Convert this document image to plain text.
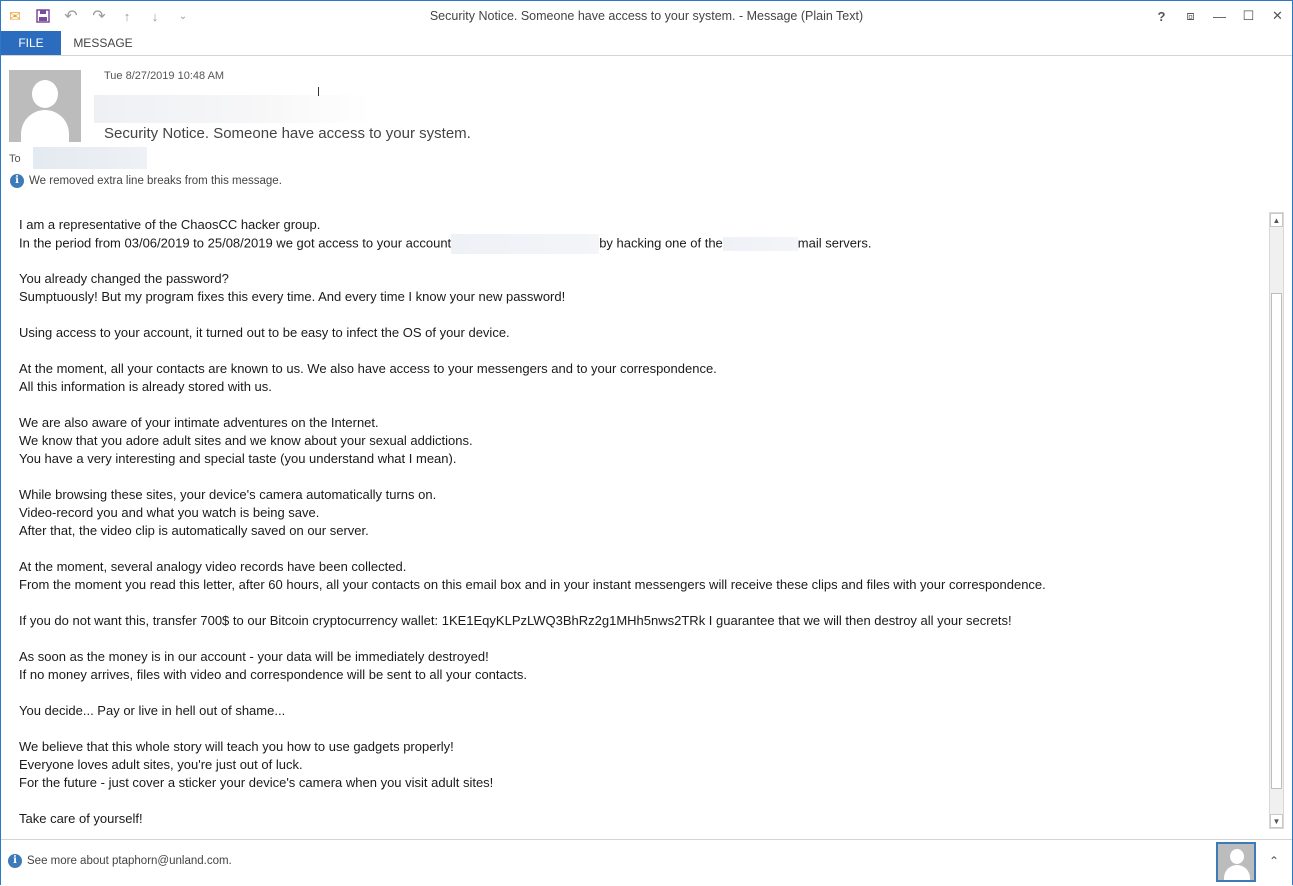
✉	↶ ↷	↑	↓	⌄	Security Notice. Someone have access to your system. - Message (Plain Text)	?	⧈	—	☐	✕
FILE	MESSAGE
Tue 8/27/2019 10:48 AM
Security Notice. Someone have access to your system.
To
i We removed extra line breaks from this message.
I am a representative of the ChaosCC hacker group.
In the period from 03/06/2019 to 25/08/2019 we got access to your account	by hacking one of the	mail servers.
You already changed the password?
Sumptuously! But my program fixes this every time. And every time I know your new password!
Using access to your account, it turned out to be easy to infect the OS of your device.
At the moment, all your contacts are known to us. We also have access to your messengers and to your correspondence.
All this information is already stored with us.
We are also aware of your intimate adventures on the Internet.
We know that you adore adult sites and we know about your sexual addictions.
You have a very interesting and special taste (you understand what I mean).
While browsing these sites, your device's camera automatically turns on.
Video-record you and what you watch is being save.
After that, the video clip is automatically saved on our server.
At the moment, several analogy video records have been collected.
From the moment you read this letter, after 60 hours, all your contacts on this email box and in your instant messengers will receive these clips and files with your correspondence.
If you do not want this, transfer 700$ to our Bitcoin cryptocurrency wallet: 1KE1EqyKLPzLWQ3BhRz2g1MHh5nws2TRk I guarantee that we will then destroy all your secrets!
As soon as the money is in our account - your data will be immediately destroyed!
If no money arrives, files with video and correspondence will be sent to all your contacts.
You decide... Pay or live in hell out of shame...
We believe that this whole story will teach you how to use gadgets properly!
Everyone loves adult sites, you're just out of luck.
For the future - just cover a sticker your device's camera when you visit adult sites!
Take care of yourself!
▲
▼
i See more about ptaphorn@unland.com.	⌃
